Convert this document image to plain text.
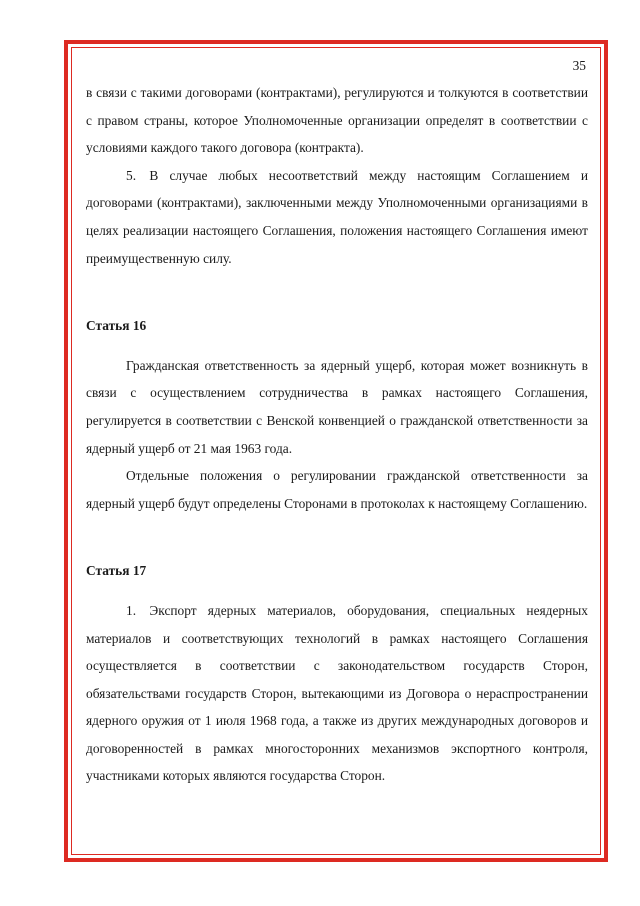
35

в связи с такими договорами (контрактами), регулируются и толкуются в соответствии с правом страны, которое Уполномоченные организации определят в соответствии с условиями каждого такого договора (контракта).

5. В случае любых несоответствий между настоящим Соглашением и договорами (контрактами), заключенными между Уполномоченными организациями в целях реализации настоящего Соглашения, положения настоящего Соглашения имеют преимущественную силу.

Статья 16

Гражданская ответственность за ядерный ущерб, которая может возникнуть в связи с осуществлением сотрудничества в рамках настоящего Соглашения, регулируется в соответствии с Венской конвенцией о гражданской ответственности за ядерный ущерб от 21 мая 1963 года.

Отдельные положения о регулировании гражданской ответственности за ядерный ущерб будут определены Сторонами в протоколах к настоящему Соглашению.

Статья 17

1. Экспорт ядерных материалов, оборудования, специальных неядерных материалов и соответствующих технологий в рамках настоящего Соглашения осуществляется в соответствии с законодательством государств Сторон, обязательствами государств Сторон, вытекающими из Договора о нераспространении ядерного оружия от 1 июля 1968 года, а также из других международных договоров и договоренностей в рамках многосторонних механизмов экспортного контроля, участниками которых являются государства Сторон.
